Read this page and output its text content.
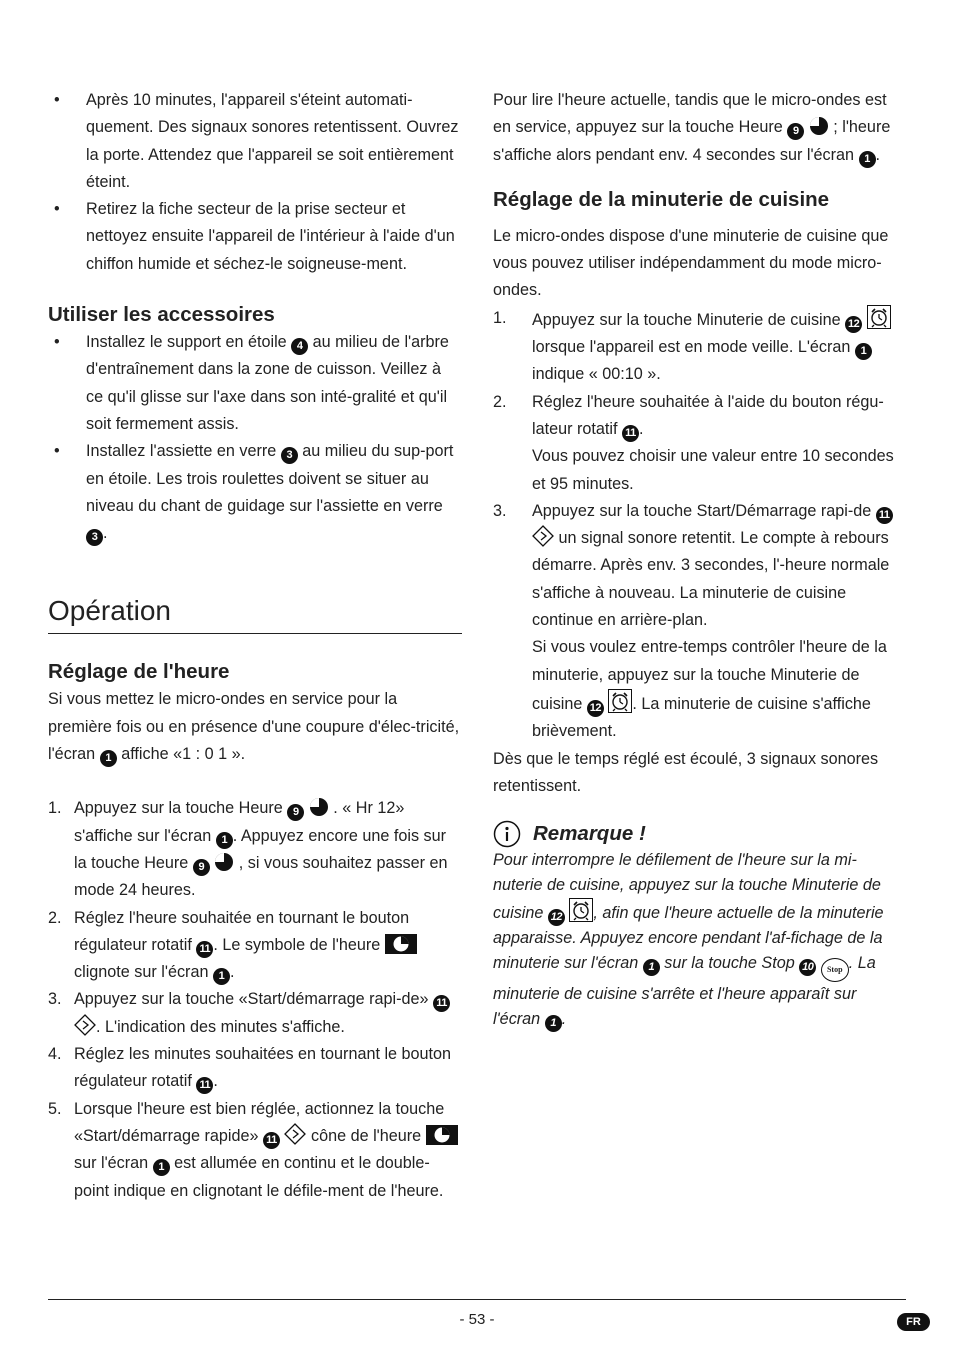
• Après 10 minutes, l'appareil s'éteint automati-quement. Des signaux sonores retentissent. Ouvrez la porte. Attendez que l'appareil se soit entièrement éteint.
• Retirez la fiche secteur de la prise secteur et nettoyez ensuite l'appareil de l'intérieur à l'aide d'un chiffon humide et séchez-le soigneuse-ment.
Utiliser les accessoires
• Installez le support en étoile 4 au milieu de l'arbre d'entraînement dans la zone de cuisson. Veillez à ce qu'il glisse sur l'axe dans son inté-gralité et qu'il soit fermement assis.
• Installez l'assiette en verre 3 au milieu du sup-port en étoile. Les trois roulettes doivent se situer au niveau du chant de guidage sur l'assiette en verre 3 .
Opération
Réglage de l'heure

Si vous mettez le micro-ondes en service pour la première fois ou en présence d'une coupure d'élec-tricité, l'écran 1 affiche «1 : 0 1 ».

1. Appuyez sur la touche Heure 9 . « Hr 12» s'affiche sur l'écran 1 . Appuyez encore une fois sur la touche Heure 9 , si vous souhaitez passer en mode 24 heures.
2. Réglez l'heure souhaitée en tournant le bouton régulateur rotatif 11 . Le symbole de l'heure  clignote sur l'écran 1 .
3. Appuyez sur la touche «Start/démarrage rapi-de» 11 . L'indication des minutes s'affiche.
4. Réglez les minutes souhaitées en tournant le bouton régulateur rotatif 11 .
5. Lorsque l'heure est bien réglée, actionnez la touche «Start/démarrage rapide» 11 cône de l'heure  sur l'écran 1 est allumée en continu et le double-point indique en clignotant le défile-ment de l'heure.

Pour lire l'heure actuelle, tandis que le micro-ondes est en service, appuyez sur la touche Heure 9 ; l'heure s'affiche alors pendant env. 4 secondes sur l'écran 1 .

Réglage de la minuterie de cuisine

Le micro-ondes dispose d'une minuterie de cuisine que vous pouvez utiliser indépendamment du mode micro-ondes.

1. Appuyez sur la touche Minuterie de cuisine 12  lorsque l'appareil est en mode veille. L'écran 1 indique « 00:10 ».
2. Réglez l'heure souhaitée à l'aide du bouton régu-lateur rotatif 11 .
Vous pouvez choisir une valeur entre 10 secondes et 95 minutes.
3. Appuyez sur la touche Start/Démarrage rapi-de 11  un signal sonore retentit. Le compte à rebours démarre. Après env. 3 secondes, l'-heure normale s'affiche à nouveau. La minuterie de cuisine continue en arrière-plan.
Si vous voulez entre-temps contrôler l'heure de la minuterie, appuyez sur la touche Minuterie de cuisine 12 . La minuterie de cuisine s'affiche brièvement.

Dès que le temps réglé est écoulé, 3 signaux sonores retentissent.

Remarque !

Pour interrompre le défilement de l'heure sur la mi-nuterie de cuisine, appuyez sur la touche Minuterie de cuisine 12 , afin que l'heure actuelle de la minuterie apparaisse. Appuyez encore pendant l'af-fichage de la minuterie sur l'écran 1 sur la touche Stop 10 Stop . La minuterie de cuisine s'arrête et l'heure apparaît sur l'écran 1 .

- 53 -	FR
